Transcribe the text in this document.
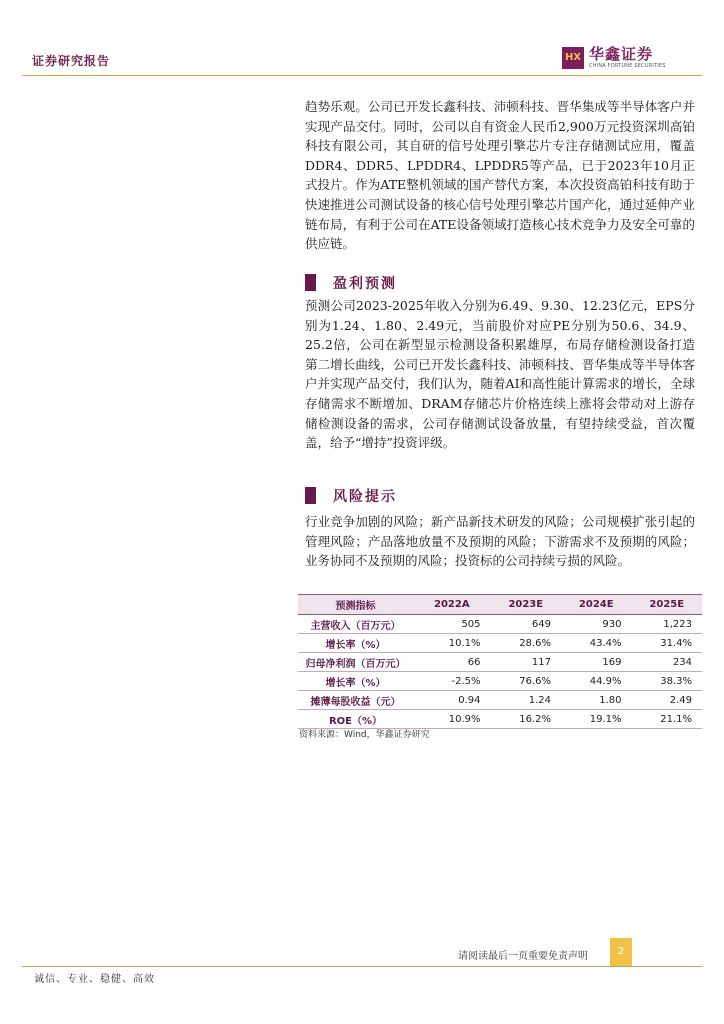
证券研究报告	HX 华鑫证券
CHINA FORTUNE SECURITIES

趋势乐观。公司已开发长鑫科技、沛顿科技、晋华集成等半导体客户并实现产品交付。同时，公司以自有资金人民币2,900万元投资深圳高铂科技有限公司，其自研的信号处理引擎芯片专注存储测试应用，覆盖DDR4、DDR5、LPDDR4、LPDDR5等产品，已于2023年10月正式投片。作为ATE整机领域的国产替代方案，本次投资高铂科技有助于快速推进公司测试设备的核心信号处理引擎芯片国产化，通过延伸产业链布局，有利于公司在ATE设备领域打造核心技术竞争力及安全可靠的供应链。

盈利预测

预测公司2023-2025年收入分别为6.49、9.30、12.23亿元，EPS分别为1.24、1.80、2.49元，当前股价对应PE分别为50.6、34.9、25.2倍，公司在新型显示检测设备积累雄厚，布局存储检测设备打造第二增长曲线，公司已开发长鑫科技、沛顿科技、晋华集成等半导体客户并实现产品交付，我们认为，随着AI和高性能计算需求的增长，全球存储需求不断增加、DRAM存储芯片价格连续上涨将会带动对上游存储检测设备的需求，公司存储测试设备放量，有望持续受益，首次覆盖，给予“增持”投资评级。

风险提示

行业竞争加剧的风险；新产品新技术研发的风险；公司规模扩张引起的管理风险；产品落地放量不及预期的风险；下游需求不及预期的风险；业务协同不及预期的风险；投资标的公司持续亏损的风险。

预测指标	2022A	2023E	2024E	2025E
主营收入（百万元）	505	649	930	1,223
增长率（%）	10.1%	28.6%	43.4%	31.4%
归母净利润（百万元）	66	117	169	234
增长率（%）	-2.5%	76.6%	44.9%	38.3%
摊薄每股收益（元）	0.94	1.24	1.80	2.49
ROE（%）	10.9%	16.2%	19.1%	21.1%
资料来源：Wind，华鑫证券研究
请阅读最后一页重要免责声明	2
诚信、专业、稳健、高效
